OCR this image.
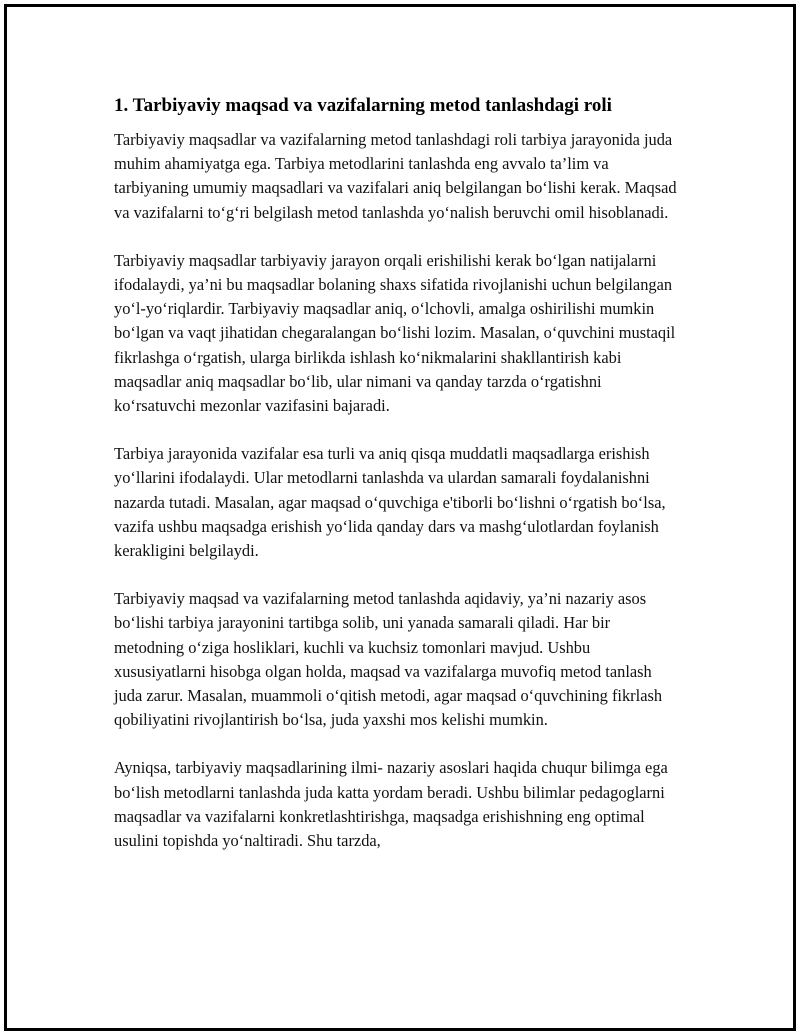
1. Tarbiyaviy maqsad va vazifalarning metod tanlashdagi roli

Tarbiyaviy maqsadlar va vazifalarning metod tanlashdagi roli tarbiya jarayonida juda muhim ahamiyatga ega. Tarbiya metodlarini tanlashda eng avvalo ta’lim va tarbiyaning umumiy maqsadlari va vazifalari aniq belgilangan bo‘lishi kerak. Maqsad va vazifalarni to‘g‘ri belgilash metod tanlashda yo‘nalish beruvchi omil hisoblanadi.

Tarbiyaviy maqsadlar tarbiyaviy jarayon orqali erishilishi kerak bo‘lgan natijalarni ifodalaydi, ya’ni bu maqsadlar bolaning shaxs sifatida rivojlanishi uchun belgilangan yo‘l-yo‘riqlardir. Tarbiyaviy maqsadlar aniq, o‘lchovli, amalga oshirilishi mumkin bo‘lgan va vaqt jihatidan chegaralangan bo‘lishi lozim. Masalan, o‘quvchini mustaqil fikrlashga o‘rgatish, ularga birlikda ishlash ko‘nikmalarini shakllantirish kabi maqsadlar aniq maqsadlar bo‘lib, ular nimani va qanday tarzda o‘rgatishni ko‘rsatuvchi mezonlar vazifasini bajaradi.

Tarbiya jarayonida vazifalar esa turli va aniq qisqa muddatli maqsadlarga erishish yo‘llarini ifodalaydi. Ular metodlarni tanlashda va ulardan samarali foydalanishni nazarda tutadi. Masalan, agar maqsad o‘quvchiga e'tiborli bo‘lishni o‘rgatish bo‘lsa, vazifa ushbu maqsadga erishish yo‘lida qanday dars va mashg‘ulotlardan foylanish kerakligini belgilaydi.

Tarbiyaviy maqsad va vazifalarning metod tanlashda aqidaviy, ya’ni nazariy asos bo‘lishi tarbiya jarayonini tartibga solib, uni yanada samarali qiladi. Har bir metodning o‘ziga hosliklari, kuchli va kuchsiz tomonlari mavjud. Ushbu xususiyatlarni hisobga olgan holda, maqsad va vazifalarga muvofiq metod tanlash juda zarur. Masalan, muammoli o‘qitish metodi, agar maqsad o‘quvchining fikrlash qobiliyatini rivojlantirish bo‘lsa, juda yaxshi mos kelishi mumkin.

Ayniqsa, tarbiyaviy maqsadlarining ilmi- nazariy asoslari haqida chuqur bilimga ega bo‘lish metodlarni tanlashda juda katta yordam beradi. Ushbu bilimlar pedagoglarni maqsadlar va vazifalarni konkretlashtirishga, maqsadga erishishning eng optimal usulini topishda yo‘naltiradi. Shu tarzda,
